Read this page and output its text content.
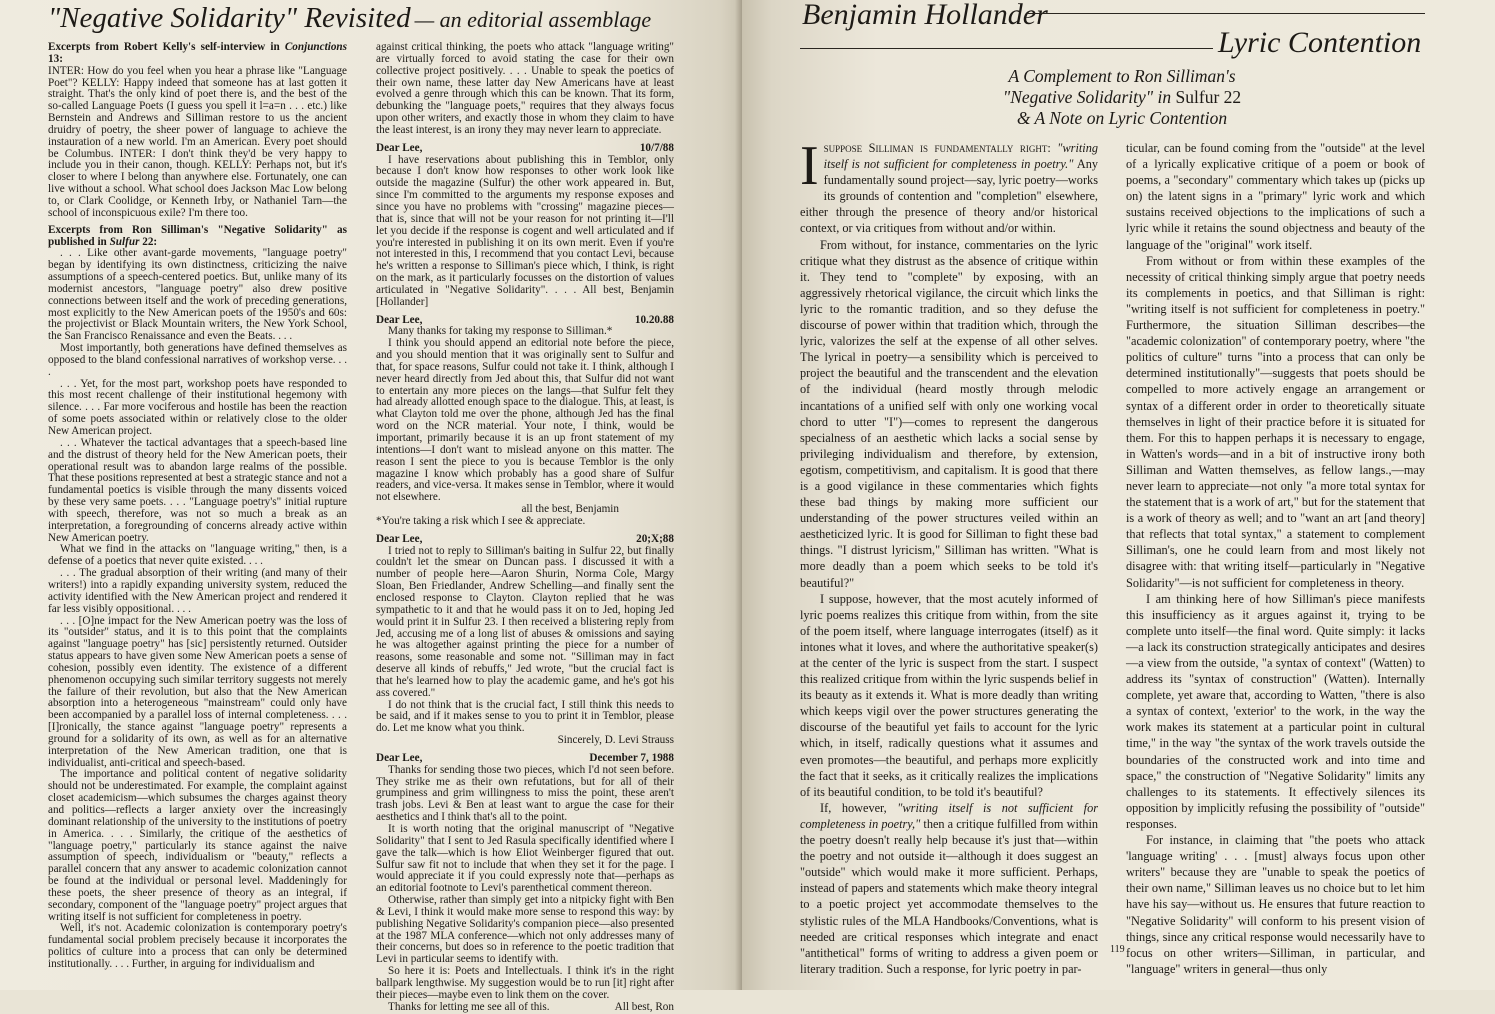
"Negative Solidarity" Revisited — an editorial assemblage

Excerpts from Robert Kelly's self-interview in Conjunctions 13:

INTER: How do you feel when you hear a phrase like "Language Poet"? KELLY: Happy indeed that someone has at last gotten it straight. That's the only kind of poet there is, and the best of the so-called Language Poets (I guess you spell it l=a=n . . . etc.) like Bernstein and Andrews and Silliman restore to us the ancient druidry of poetry, the sheer power of language to achieve the instauration of a new world. I'm an American. Every poet should be Columbus. INTER: I don't think they'd be very happy to include you in their canon, though. KELLY: Perhaps not, but it's closer to where I belong than anywhere else. Fortunately, one can live without a school. What school does Jackson Mac Low belong to, or Clark Coolidge, or Kenneth Irby, or Nathaniel Tarn—the school of inconspicuous exile? I'm there too.

Excerpts from Ron Silliman's "Negative Solidarity" as published in Sulfur 22:

. . . Like other avant-garde movements, "language poetry" began by identifying its own distinctness, criticizing the naive assumptions of a speech-centered poetics. But, unlike many of its modernist ancestors, "language poetry" also drew positive connections between itself and the work of preceding generations, most explicitly to the New American poets of the 1950's and 60s: the projectivist or Black Mountain writers, the New York School, the San Francisco Renaissance and even the Beats. . . .

Most importantly, both generations have defined themselves as opposed to the bland confessional narratives of workshop verse. . . .

. . . Yet, for the most part, workshop poets have responded to this most recent challenge of their institutional hegemony with silence. . . . Far more vociferous and hostile has been the reaction of some poets associated within or relatively close to the older New American project.

. . . Whatever the tactical advantages that a speech-based line and the distrust of theory held for the New American poets, their operational result was to abandon large realms of the possible. That these positions represented at best a strategic stance and not a fundamental poetics is visible through the many dissents voiced by these very same poets. . . . "Language poetry's" initial rupture with speech, therefore, was not so much a break as an interpretation, a foregrounding of concerns already active within New American poetry.

What we find in the attacks on "language writing," then, is a defense of a poetics that never quite existed. . . .

. . . The gradual absorption of their writing (and many of their writers!) into a rapidly expanding university system, reduced the activity identified with the New American project and rendered it far less visibly oppositional. . . .

. . . [O]ne impact for the New American poetry was the loss of its "outsider" status, and it is to this point that the complaints against "language poetry" has [sic] persistently returned. Outsider status appears to have given some New American poets a sense of cohesion, possibly even identity. The existence of a different phenomenon occupying such similar territory suggests not merely the failure of their revolution, but also that the New American absorption into a heterogeneous "mainstream" could only have been accompanied by a parallel loss of internal completeness. . . . [I]ronically, the stance against "language poetry" represents a ground for a solidarity of its own, as well as for an alternative interpretation of the New American tradition, one that is individualist, anti-critical and speech-based.

The importance and political content of negative solidarity should not be underestimated. For example, the complaint against closet academicism—which subsumes the charges against theory and politics—reflects a larger anxiety over the increasingly dominant relationship of the university to the institutions of poetry in America. . . . Similarly, the critique of the aesthetics of "language poetry," particularly its stance against the naive assumption of speech, individualism or "beauty," reflects a parallel concern that any answer to academic colonization cannot be found at the individual or personal level. Maddeningly for these poets, the sheer presence of theory as an integral, if secondary, component of the "language poetry" project argues that writing itself is not sufficient for completeness in poetry.

Well, it's not. Academic colonization is contemporary poetry's fundamental social problem precisely because it incorporates the politics of culture into a process that can only be determined institutionally. . . . Further, in arguing for individualism and

against critical thinking, the poets who attack "language writing" are virtually forced to avoid stating the case for their own collective project positively. . . . Unable to speak the poetics of their own name, these latter day New Americans have at least evolved a genre through which this can be known. That its form, debunking the "language poets," requires that they always focus upon other writers, and exactly those in whom they claim to have the least interest, is an irony they may never learn to appreciate.

Dear Lee,	10/7/88

I have reservations about publishing this in Temblor, only because I don't know how responses to other work look like outside the magazine (Sulfur) the other work appeared in. But, since I'm committed to the arguments my response exposes and since you have no problems with "crossing" magazine pieces—that is, since that will not be your reason for not printing it—I'll let you decide if the response is cogent and well articulated and if you're interested in publishing it on its own merit. Even if you're not interested in this, I recommend that you contact Levi, because he's written a response to Silliman's piece which, I think, is right on the mark, as it particularly focusses on the distortion of values articulated in "Negative Solidarity". . . . All best, Benjamin [Hollander]

Dear Lee,	10.20.88

Many thanks for taking my response to Silliman.*

I think you should append an editorial note before the piece, and you should mention that it was originally sent to Sulfur and that, for space reasons, Sulfur could not take it. I think, although I never heard directly from Jed about this, that Sulfur did not want to entertain any more pieces on the langs—that Sulfur felt they had already allotted enough space to the dialogue. This, at least, is what Clayton told me over the phone, although Jed has the final word on the NCR material. Your note, I think, would be important, primarily because it is an up front statement of my intentions—I don't want to mislead anyone on this matter. The reason I sent the piece to you is because Temblor is the only magazine I know which probably has a good share of Sulfur readers, and vice-versa. It makes sense in Temblor, where it would not elsewhere.

all the best, Benjamin

*You're taking a risk which I see & appreciate.

Dear Lee,	20;X;88

I tried not to reply to Silliman's baiting in Sulfur 22, but finally couldn't let the smear on Duncan pass. I discussed it with a number of people here—Aaron Shurin, Norma Cole, Margy Sloan, Ben Friedlander, Andrew Schelling—and finally sent the enclosed response to Clayton. Clayton replied that he was sympathetic to it and that he would pass it on to Jed, hoping Jed would print it in Sulfur 23. I then received a blistering reply from Jed, accusing me of a long list of abuses & omissions and saying he was altogether against printing the piece for a number of reasons, some reasonable and some not. "Silliman may in fact deserve all kinds of rebuffs," Jed wrote, "but the crucial fact is that he's learned how to play the academic game, and he's got his ass covered."

I do not think that is the crucial fact, I still think this needs to be said, and if it makes sense to you to print it in Temblor, please do. Let me know what you think.

Sincerely, D. Levi Strauss
Dear Lee,	December 7, 1988

Thanks for sending those two pieces, which I'd not seen before. They strike me as their own refutations, but for all of their grumpiness and grim willingness to miss the point, these aren't trash jobs. Levi & Ben at least want to argue the case for their aesthetics and I think that's all to the point.

It is worth noting that the original manuscript of "Negative Solidarity" that I sent to Jed Rasula specifically identified where I gave the talk—which is how Eliot Weinberger figured that out. Sulfur saw fit not to include that when they set it for the page. I would appreciate it if you could expressly note that—perhaps as an editorial footnote to Levi's parenthetical comment thereon.

Otherwise, rather than simply get into a nitpicky fight with Ben & Levi, I think it would make more sense to respond this way: by publishing Negative Solidarity's companion piece—also presented at the 1987 MLA conference—which not only addresses many of their concerns, but does so in reference to the poetic tradition that Levi in particular seems to identify with.

So here it is: Poets and Intellectuals. I think it's in the right ballpark lengthwise. My suggestion would be to run [it] right after their pieces—maybe even to link them on the cover.

Thanks for letting me see all of this.	All best, Ron
Benjamin Hollander
Lyric Contention
A Complement to Ron Silliman's
"Negative Solidarity" in Sulfur 22
& A Note on Lyric Contention

Isuppose Silliman is fundamentally right: "writing itself is not sufficient for completeness in poetry." Any fundamentally sound project—say, lyric poetry—works its grounds of contention and "completion" elsewhere, either through the presence of theory and/or historical context, or via critiques from without and/or within.

From without, for instance, commentaries on the lyric critique what they distrust as the absence of critique within it. They tend to "complete" by exposing, with an aggressively rhetorical vigilance, the circuit which links the lyric to the romantic tradition, and so they defuse the discourse of power within that tradition which, through the lyric, valorizes the self at the expense of all other selves. The lyrical in poetry—a sensibility which is perceived to project the beautiful and the transcendent and the elevation of the individual (heard mostly through melodic incantations of a unified self with only one working vocal chord to utter "I")—comes to represent the dangerous specialness of an aesthetic which lacks a social sense by privileging individualism and therefore, by extension, egotism, competitivism, and capitalism. It is good that there is a good vigilance in these commentaries which fights these bad things by making more sufficient our understanding of the power structures veiled within an aestheticized lyric. It is good for Silliman to fight these bad things. "I distrust lyricism," Silliman has written. "What is more deadly than a poem which seeks to be told it's beautiful?"

I suppose, however, that the most acutely informed of lyric poems realizes this critique from within, from the site of the poem itself, where language interrogates (itself) as it intones what it loves, and where the authoritative speaker(s) at the center of the lyric is suspect from the start. I suspect this realized critique from within the lyric suspends belief in its beauty as it extends it. What is more deadly than writing which keeps vigil over the power structures generating the discourse of the beautiful yet fails to account for the lyric which, in itself, radically questions what it assumes and even promotes—the beautiful, and perhaps more explicitly the fact that it seeks, as it critically realizes the implications of its beautiful condition, to be told it's beautiful?

If, however, "writing itself is not sufficient for completeness in poetry," then a critique fulfilled from within the poetry doesn't really help because it's just that—within the poetry and not outside it—although it does suggest an "outside" which would make it more sufficient. Perhaps, instead of papers and statements which make theory integral to a poetic project yet accommodate themselves to the stylistic rules of the MLA Handbooks/Conventions, what is needed are critical responses which integrate and enact "antithetical" forms of writing to address a given poem or literary tradition. Such a response, for lyric poetry in par-

ticular, can be found coming from the "outside" at the level of a lyrically explicative critique of a poem or book of poems, a "secondary" commentary which takes up (picks up on) the latent signs in a "primary" lyric work and which sustains received objections to the implications of such a lyric while it retains the sound objectness and beauty of the language of the "original" work itself.

From without or from within these examples of the necessity of critical thinking simply argue that poetry needs its complements in poetics, and that Silliman is right: "writing itself is not sufficient for completeness in poetry." Furthermore, the situation Silliman describes—the "academic colonization" of contemporary poetry, where "the politics of culture" turns "into a process that can only be determined institutionally"—suggests that poets should be compelled to more actively engage an arrangement or syntax of a different order in order to theoretically situate themselves in light of their practice before it is situated for them. For this to happen perhaps it is necessary to engage, in Watten's words—and in a bit of instructive irony both Silliman and Watten themselves, as fellow langs.,—may never learn to appreciate—not only "a more total syntax for the statement that is a work of art," but for the statement that is a work of theory as well; and to "want an art [and theory] that reflects that total syntax," a statement to complement Silliman's, one he could learn from and most likely not disagree with: that writing itself—particularly in "Negative Solidarity"—is not sufficient for completeness in theory.

I am thinking here of how Silliman's piece manifests this insufficiency as it argues against it, trying to be complete unto itself—the final word. Quite simply: it lacks—a lack its construction strategically anticipates and desires—a view from the outside, "a syntax of context" (Watten) to address its "syntax of construction" (Watten). Internally complete, yet aware that, according to Watten, "there is also a syntax of context, 'exterior' to the work, in the way the work makes its statement at a particular point in cultural time," in the way "the syntax of the work travels outside the boundaries of the constructed work and into time and space," the construction of "Negative Solidarity" limits any challenges to its statements. It effectively silences its opposition by implicitly refusing the possibility of "outside" responses.

For instance, in claiming that "the poets who attack 'language writing' . . . [must] always focus upon other writers" because they are "unable to speak the poetics of their own name," Silliman leaves us no choice but to let him have his say—without us. He ensures that future reaction to "Negative Solidarity" will conform to his present vision of things, since any critical response would necessarily have to focus on other writers—Silliman, in particular, and "language" writers in general—thus only

119
